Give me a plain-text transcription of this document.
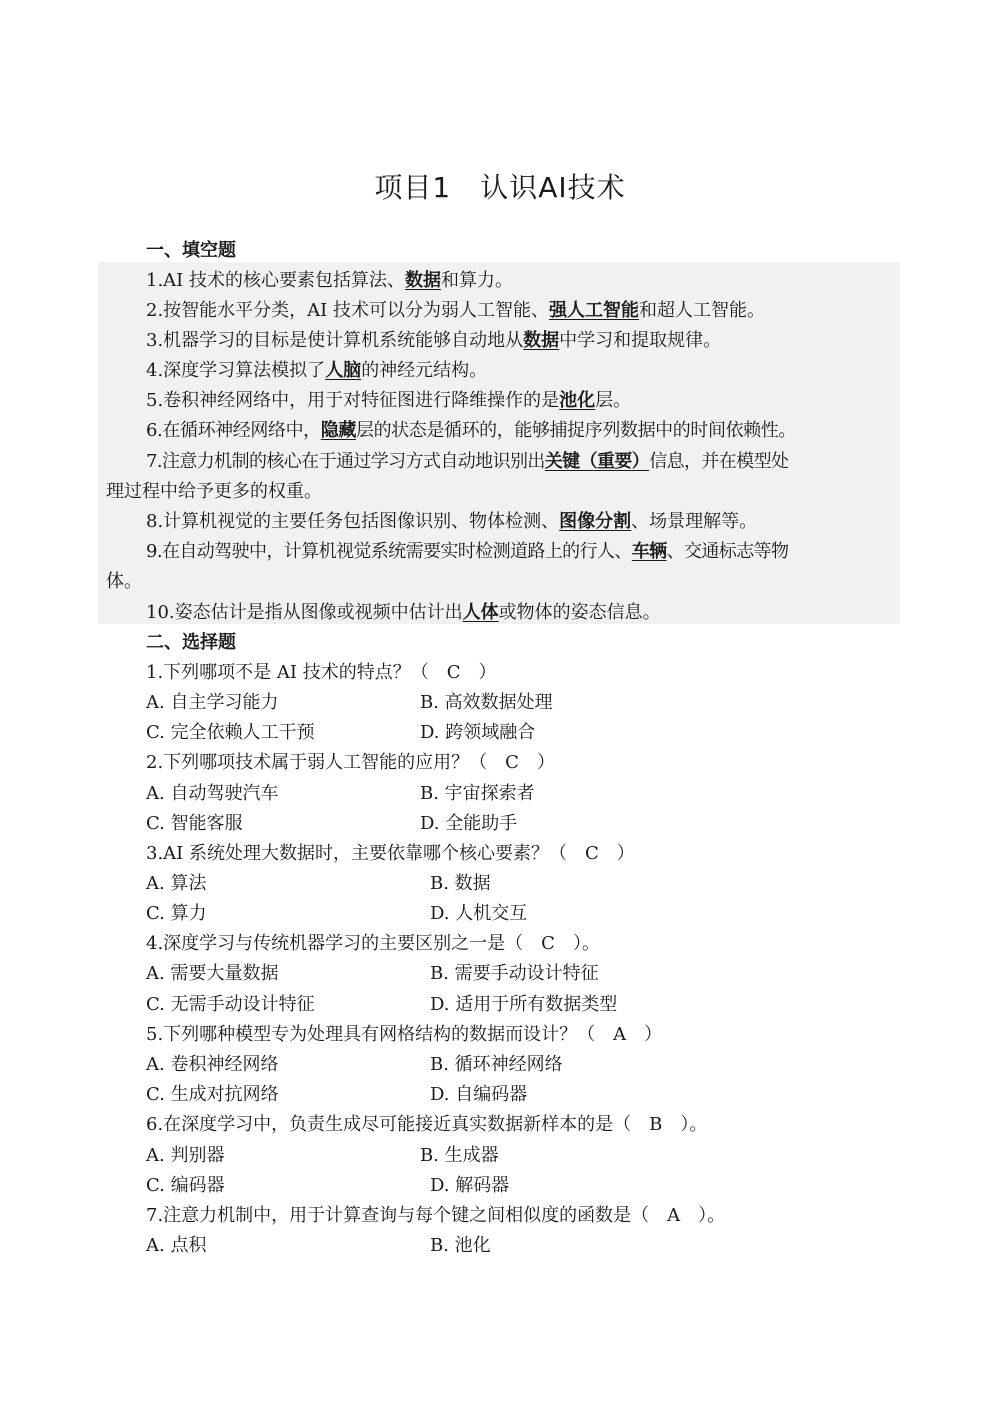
项目1　认识AI技术
一、填空题
1.AI 技术的核心要素包括算法、数据和算力。
2.按智能水平分类，AI 技术可以分为弱人工智能、强人工智能和超人工智能。
3.机器学习的目标是使计算机系统能够自动地从数据中学习和提取规律。
4.深度学习算法模拟了人脑的神经元结构。
5.卷积神经网络中，用于对特征图进行降维操作的是池化层。
6.在循环神经网络中，隐藏层的状态是循环的，能够捕捉序列数据中的时间依赖性。
7.注意力机制的核心在于通过学习方式自动地识别出关键（重要）信息，并在模型处
理过程中给予更多的权重。
8.计算机视觉的主要任务包括图像识别、物体检测、图像分割、场景理解等。
9.在自动驾驶中，计算机视觉系统需要实时检测道路上的行人、车辆、交通标志等物
体。
10.姿态估计是指从图像或视频中估计出人体或物体的姿态信息。
二、选择题
1.下列哪项不是 AI 技术的特点？（　C　）
A. 自主学习能力	B. 高效数据处理
C. 完全依赖人工干预	D. 跨领域融合
2.下列哪项技术属于弱人工智能的应用？（　C　）
A. 自动驾驶汽车	B. 宇宙探索者
C. 智能客服	D. 全能助手
3.AI 系统处理大数据时，主要依靠哪个核心要素？（　C　）
A. 算法	B. 数据
C. 算力	D. 人机交互
4.深度学习与传统机器学习的主要区别之一是（　C　）。
A. 需要大量数据	B. 需要手动设计特征
C. 无需手动设计特征	D. 适用于所有数据类型
5.下列哪种模型专为处理具有网格结构的数据而设计？（　A　）
A. 卷积神经网络	B. 循环神经网络
C. 生成对抗网络	D. 自编码器
6.在深度学习中，负责生成尽可能接近真实数据新样本的是（　B　）。
A. 判别器	B. 生成器
C. 编码器	D. 解码器
7.注意力机制中，用于计算查询与每个键之间相似度的函数是（　A　）。
A. 点积	B. 池化
